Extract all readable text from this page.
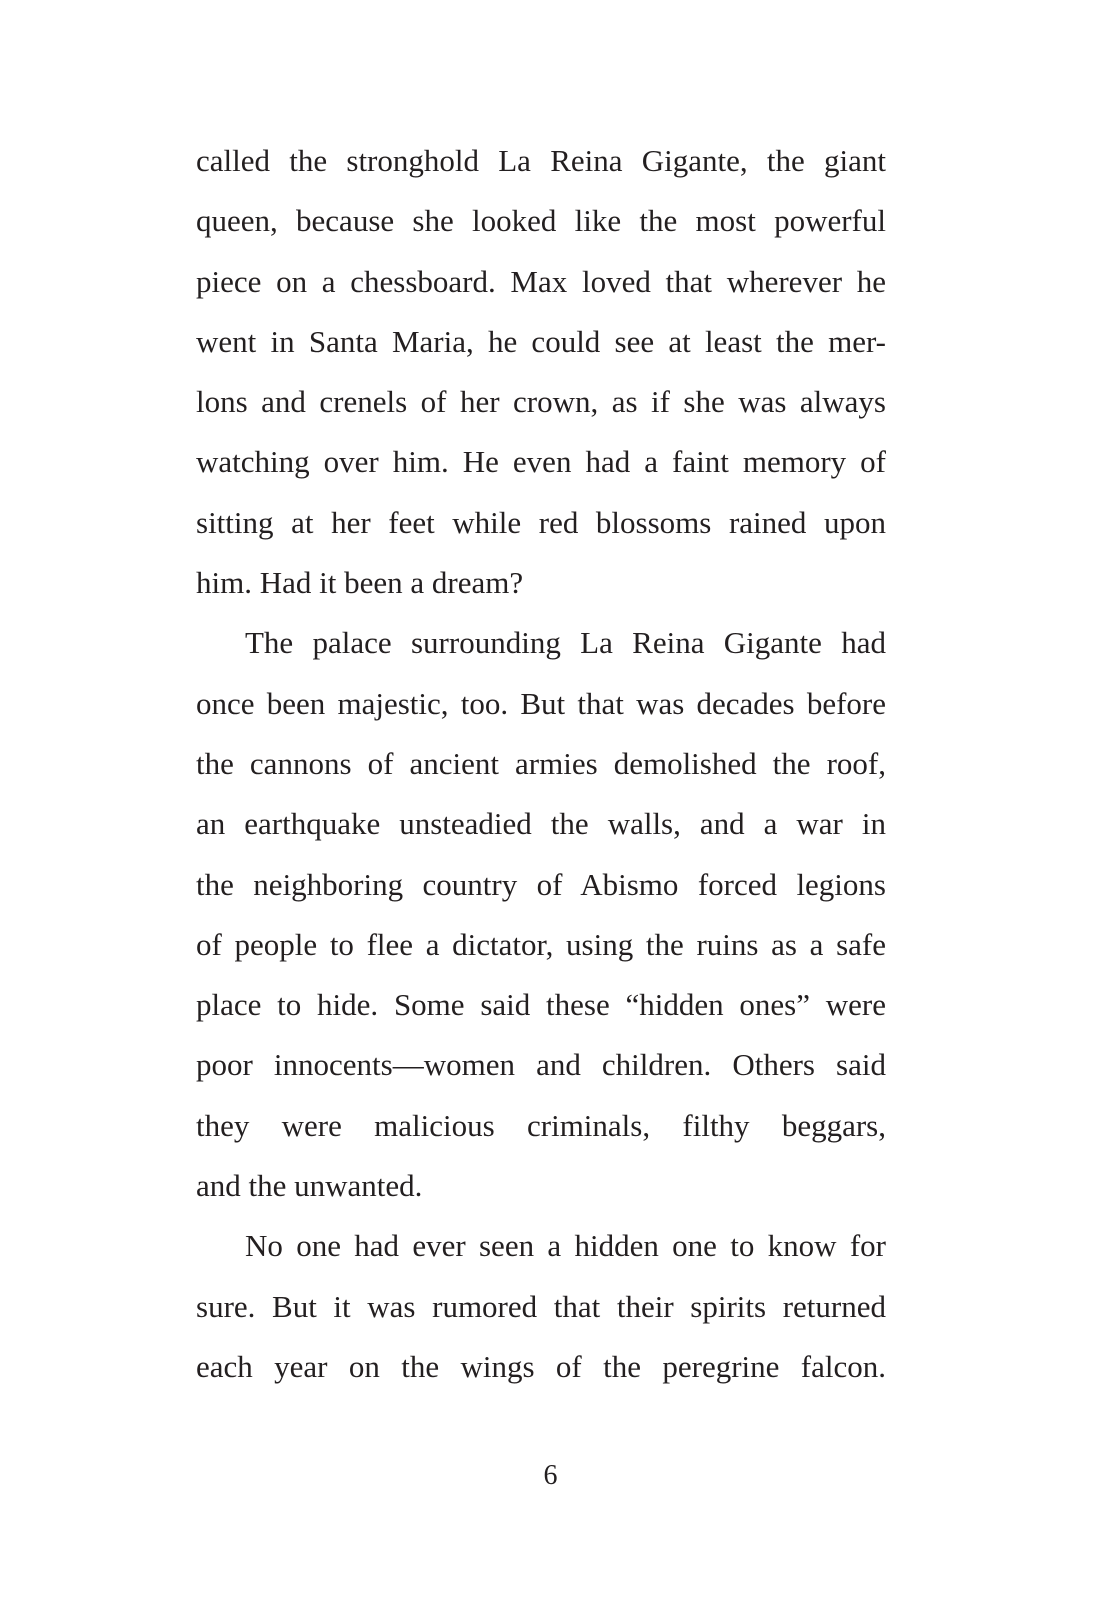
called the stronghold La Reina Gigante, the giant
queen, because she looked like the most powerful
piece on a chessboard. Max loved that wherever he
went in Santa Maria, he could see at least the mer-
lons and crenels of her crown, as if she was always
watching over him. He even had a faint memory of
sitting at her feet while red blossoms rained upon
him. Had it been a dream?
The palace surrounding La Reina Gigante had
once been majestic, too. But that was decades before
the cannons of ancient armies demolished the roof,
an earthquake unsteadied the walls, and a war in
the neighboring country of Abismo forced legions
of people to flee a dictator, using the ruins as a safe
place to hide. Some said these “hidden ones” were
poor innocents—women and children. Others said
they were malicious criminals, filthy beggars,
and the unwanted.
No one had ever seen a hidden one to know for
sure. But it was rumored that their spirits returned
each year on the wings of the peregrine falcon.
6
